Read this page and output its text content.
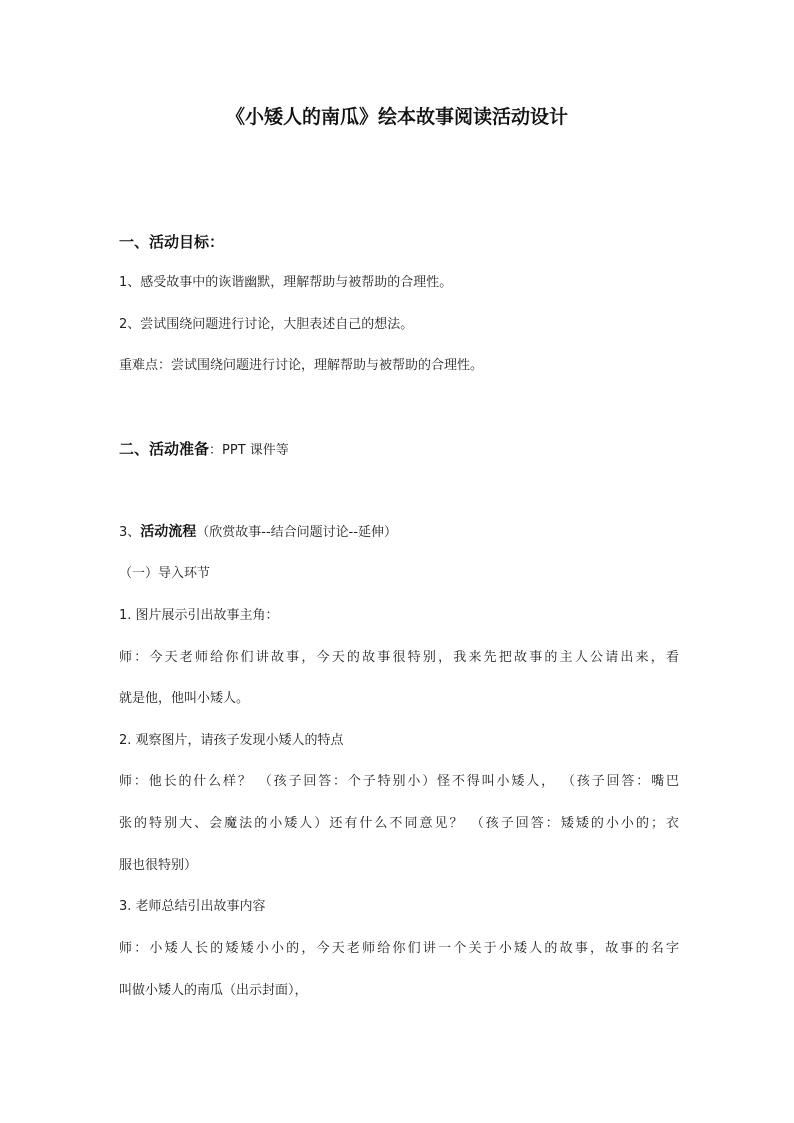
《小矮人的南瓜》绘本故事阅读活动设计
一、活动目标：
1、感受故事中的诙谐幽默，理解帮助与被帮助的合理性。
2、尝试围绕问题进行讨论，大胆表述自己的想法。
重难点：尝试围绕问题进行讨论，理解帮助与被帮助的合理性。
二、活动准备：PPT 课件等
3、活动流程（欣赏故事--结合问题讨论--延伸）
（一）导入环节
1. 图片展示引出故事主角：
师：今天老师给你们讲故事，今天的故事很特别，我来先把故事的主人公请出来，看
就是他，他叫小矮人。
2. 观察图片，请孩子发现小矮人的特点
师：他长的什么样？ （孩子回答：个子特别小）怪不得叫小矮人， （孩子回答：嘴巴
张的特别大、会魔法的小矮人）还有什么不同意见？ （孩子回答：矮矮的小小的；衣
服也很特别）
3. 老师总结引出故事内容
师：小矮人长的矮矮小小的，今天老师给你们讲一个关于小矮人的故事，故事的名字
叫做小矮人的南瓜（出示封面），
